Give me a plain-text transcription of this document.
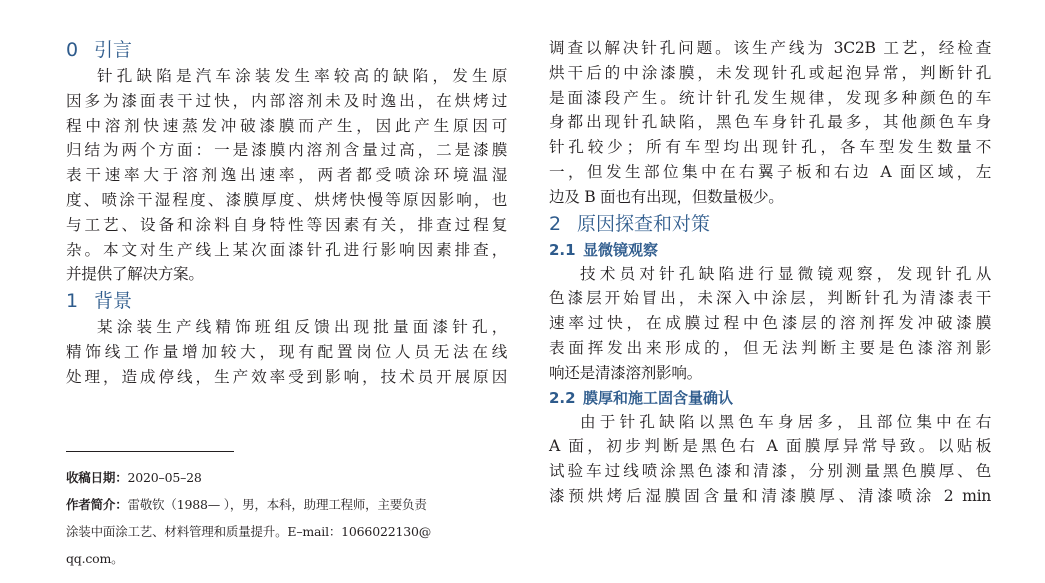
0 引言
针孔缺陷是汽车涂装发生率较高的缺陷，发生原
因多为漆面表干过快，内部溶剂未及时逸出，在烘烤过
程中溶剂快速蒸发冲破漆膜而产生，因此产生原因可
归结为两个方面：一是漆膜内溶剂含量过高，二是漆膜
表干速率大于溶剂逸出速率，两者都受喷涂环境温湿
度、喷涂干湿程度、漆膜厚度、烘烤快慢等原因影响，也
与工艺、设备和涂料自身特性等因素有关，排查过程复
杂。本文对生产线上某次面漆针孔进行影响因素排查，
并提供了解决方案。
1 背景
某涂装生产线精饰班组反馈出现批量面漆针孔，
精饰线工作量增加较大，现有配置岗位人员无法在线
处理，造成停线，生产效率受到影响，技术员开展原因
收稿日期：2020–05–28
作者简介：雷敬钦（1988— ），男，本科，助理工程师，主要负责
涂装中面涂工艺、材料管理和质量提升。E–mail：1066022130@
qq.com。
调查以解决针孔问题。该生产线为 3C2B 工艺，经检查
烘干后的中涂漆膜，未发现针孔或起泡异常，判断针孔
是面漆段产生。统计针孔发生规律，发现多种颜色的车
身都出现针孔缺陷，黑色车身针孔最多，其他颜色车身
针孔较少；所有车型均出现针孔，各车型发生数量不
一，但发生部位集中在右翼子板和右边 A 面区域，左
边及 B 面也有出现，但数量极少。
2 原因探查和对策
2.1 显微镜观察
技术员对针孔缺陷进行显微镜观察，发现针孔从
色漆层开始冒出，未深入中涂层，判断针孔为清漆表干
速率过快，在成膜过程中色漆层的溶剂挥发冲破漆膜
表面挥发出来形成的，但无法判断主要是色漆溶剂影
响还是清漆溶剂影响。
2.2 膜厚和施工固含量确认
由于针孔缺陷以黑色车身居多，且部位集中在右
A 面，初步判断是黑色右 A 面膜厚异常导致。以贴板
试验车过线喷涂黑色漆和清漆，分别测量黑色膜厚、色
漆预烘烤后湿膜固含量和清漆膜厚、清漆喷涂 2 min
